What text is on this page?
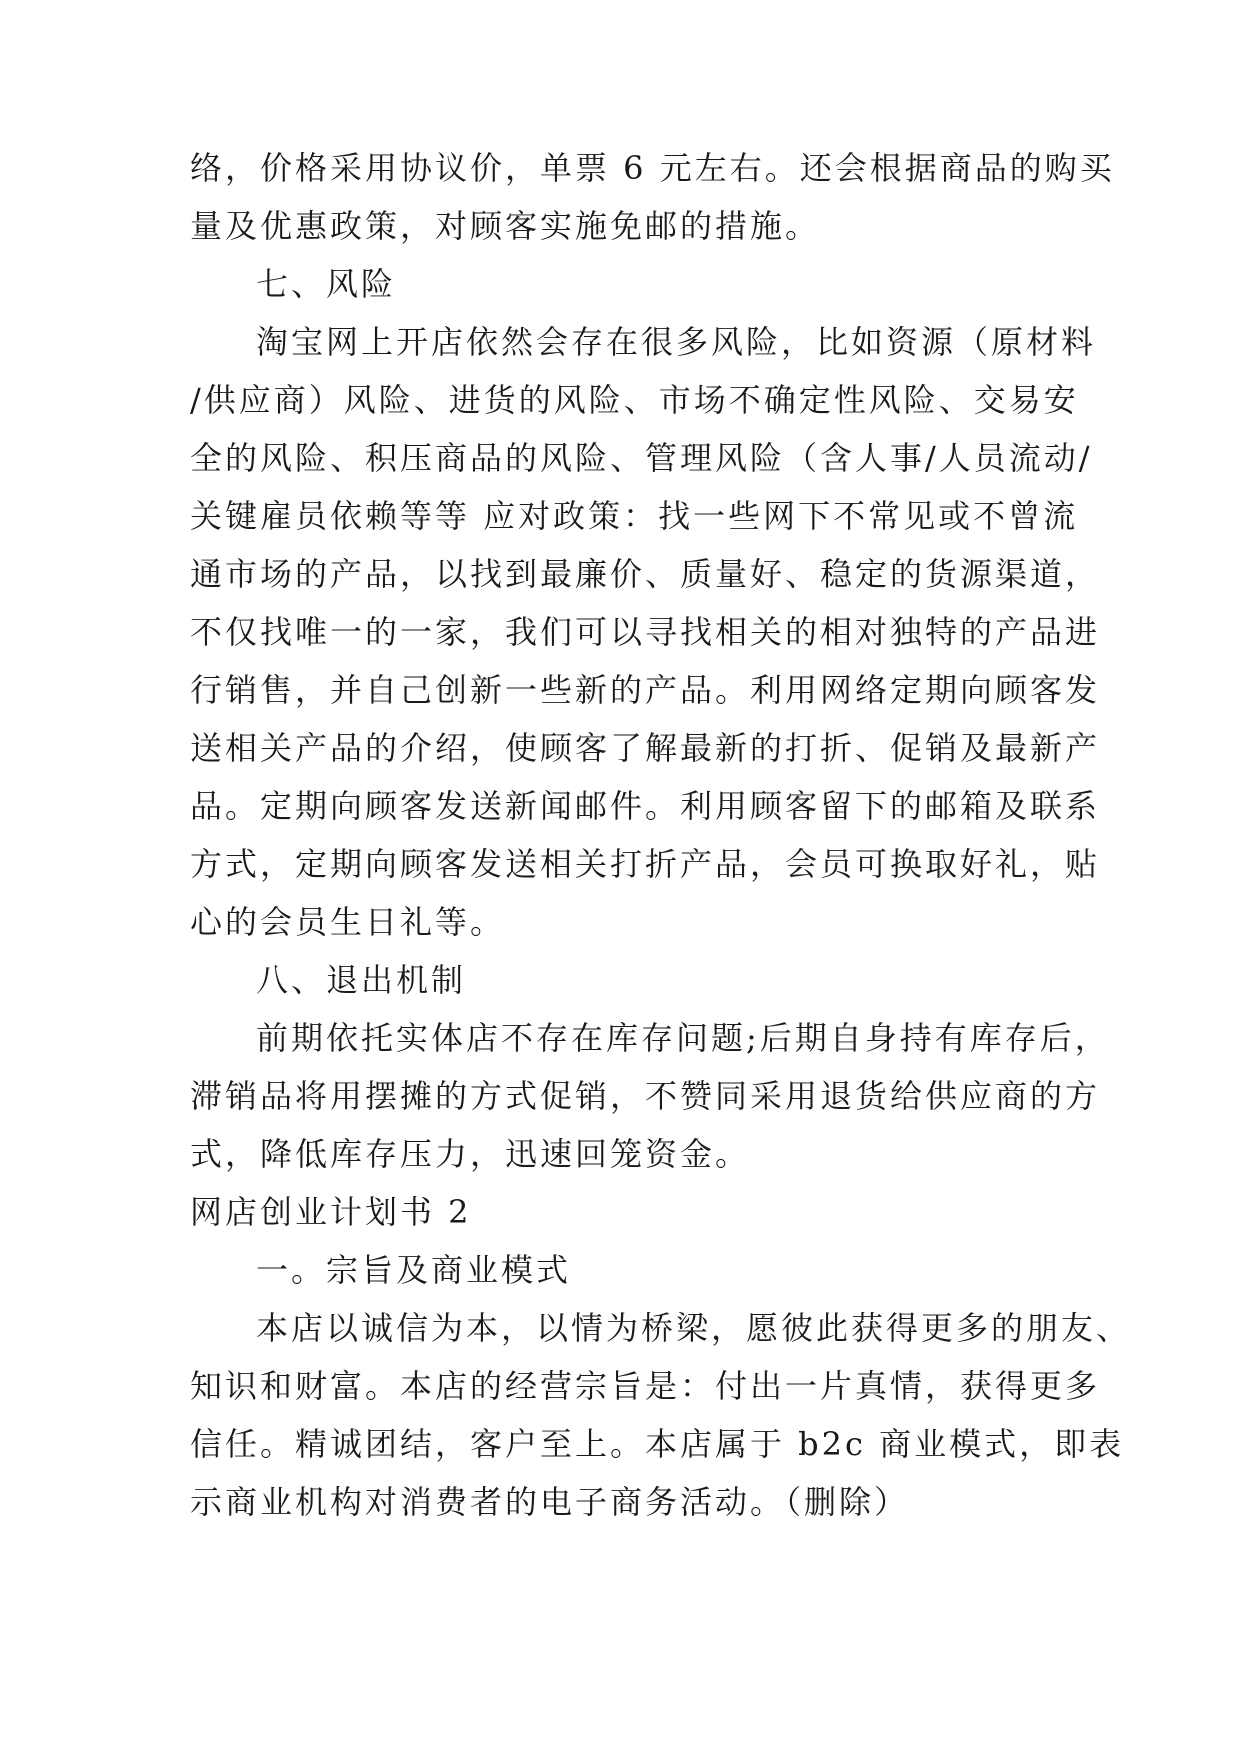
络，价格采用协议价，单票 6 元左右。还会根据商品的购买
量及优惠政策，对顾客实施免邮的措施。
七、风险
淘宝网上开店依然会存在很多风险，比如资源（原材料
/供应商）风险、进货的风险、市场不确定性风险、交易安
全的风险、积压商品的风险、管理风险（含人事/人员流动/
关键雇员依赖等等 应对政策：找一些网下不常见或不曾流
通市场的产品，以找到最廉价、质量好、稳定的货源渠道，
不仅找唯一的一家，我们可以寻找相关的相对独特的产品进
行销售，并自己创新一些新的产品。利用网络定期向顾客发
送相关产品的介绍，使顾客了解最新的打折、促销及最新产
品。定期向顾客发送新闻邮件。利用顾客留下的邮箱及联系
方式，定期向顾客发送相关打折产品，会员可换取好礼，贴
心的会员生日礼等。
八、退出机制
前期依托实体店不存在库存问题;后期自身持有库存后，
滞销品将用摆摊的方式促销，不赞同采用退货给供应商的方
式，降低库存压力，迅速回笼资金。
网店创业计划书 2
一。宗旨及商业模式
本店以诚信为本，以情为桥梁，愿彼此获得更多的朋友、
知识和财富。本店的经营宗旨是：付出一片真情，获得更多
信任。精诚团结，客户至上。本店属于 b2c 商业模式，即表
示商业机构对消费者的电子商务活动。（删除）
